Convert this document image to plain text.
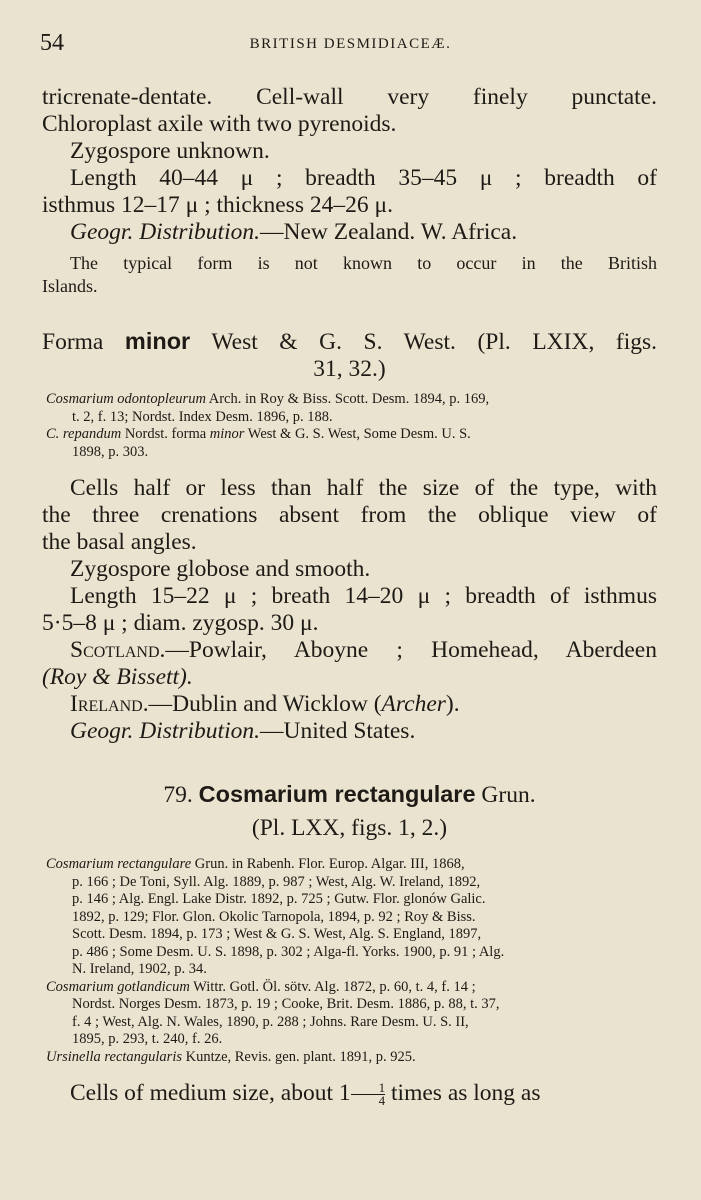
54	BRITISH DESMIDIACEÆ.

tricrenate-dentate. Cell-wall very finely punctate.

Chloroplast axile with two pyrenoids.

Zygospore unknown.

Length 40–44 μ ; breadth 35–45 μ ; breadth of

isthmus 12–17 μ ; thickness 24–26 μ.

Geogr. Distribution.—New Zealand. W. Africa.

The typical form is not known to occur in the British

Islands.

Forma minor West & G. S. West. (Pl. LXIX, figs.

31, 32.)

Cosmarium odontopleurum Arch. in Roy & Biss. Scott. Desm. 1894, p. 169,
t. 2, f. 13; Nordst. Index Desm. 1896, p. 188.

C. repandum Nordst. forma minor West & G. S. West, Some Desm. U. S.
1898, p. 303.

Cells half or less than half the size of the type, with

the three crenations absent from the oblique view of

the basal angles.

Zygospore globose and smooth.

Length 15–22 μ ; breath 14–20 μ ; breadth of isthmus

5·5–8 μ ; diam. zygosp. 30 μ.

Scotland.—Powlair, Aboyne ; Homehead, Aberdeen

(Roy & Bissett).

Ireland.—Dublin and Wicklow (Archer).

Geogr. Distribution.—United States.

79. Cosmarium rectangulare Grun.

(Pl. LXX, figs. 1, 2.)

Cosmarium rectangulare Grun. in Rabenh. Flor. Europ. Algar. III, 1868,
p. 166 ; De Toni, Syll. Alg. 1889, p. 987 ; West, Alg. W. Ireland, 1892,
p. 146 ; Alg. Engl. Lake Distr. 1892, p. 725 ; Gutw. Flor. glonów Galic.
1892, p. 129; Flor. Glon. Okolic Tarnopola, 1894, p. 92 ; Roy & Biss.
Scott. Desm. 1894, p. 173 ; West & G. S. West, Alg. S. England, 1897,
p. 486 ; Some Desm. U. S. 1898, p. 302 ; Alga-fl. Yorks. 1900, p. 91 ; Alg.
N. Ireland, 1902, p. 34.

Cosmarium gotlandicum Wittr. Gotl. Öl. sötv. Alg. 1872, p. 60, t. 4, f. 14 ;
Nordst. Norges Desm. 1873, p. 19 ; Cooke, Brit. Desm. 1886, p. 88, t. 37,
f. 4 ; West, Alg. N. Wales, 1890, p. 288 ; Johns. Rare Desm. U. S. II,
1895, p. 293, t. 240, f. 26.

Ursinella rectangularis Kuntze, Revis. gen. plant. 1891, p. 925.

Cells of medium size, about $1 \frac{1}{4}$ times as long as
